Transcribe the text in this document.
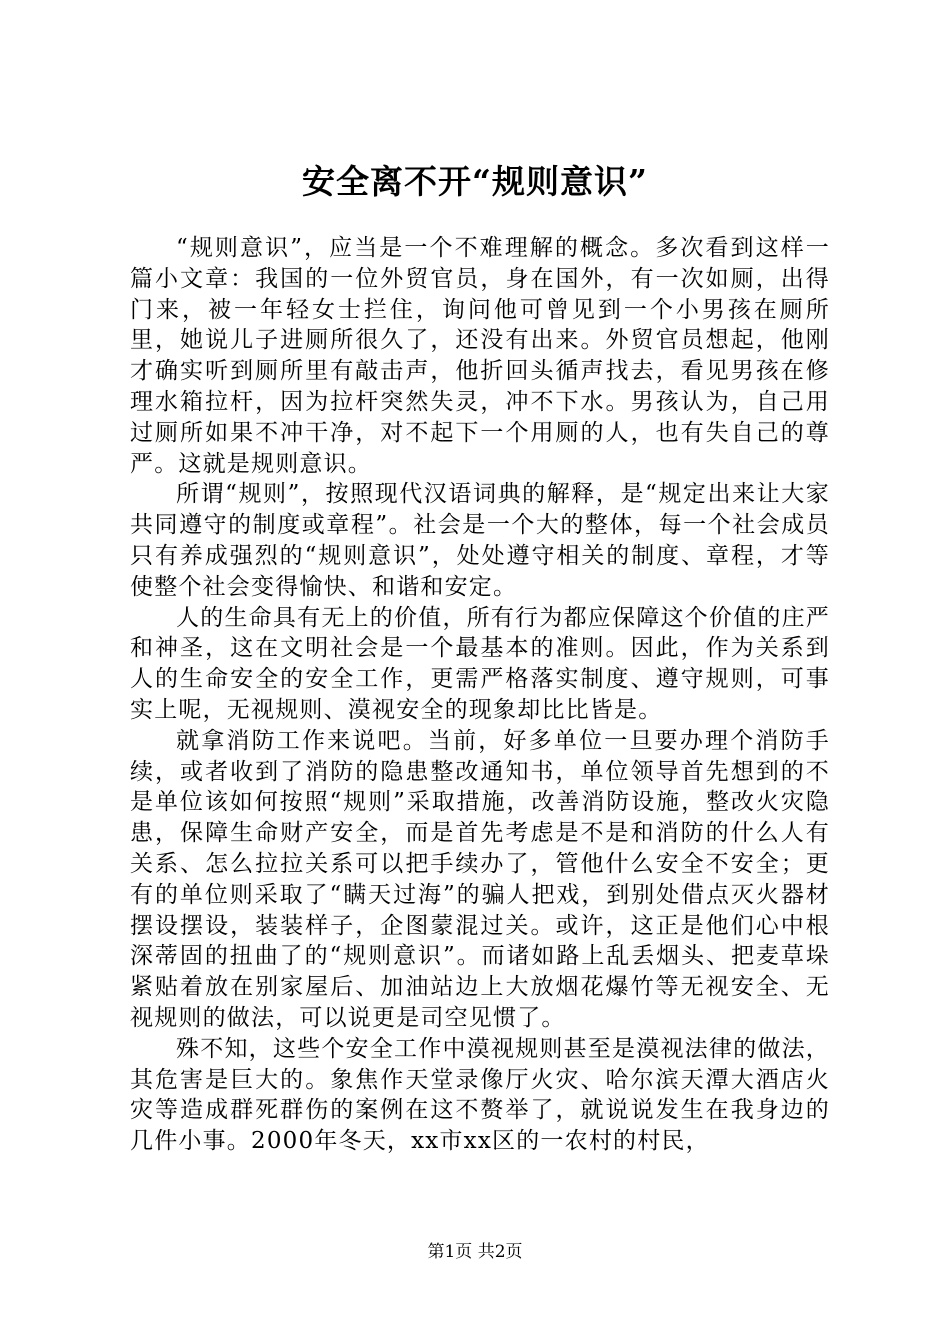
安全离不开“规则意识”

“规则意识”，应当是一个不难理解的概念。多次看到这样一篇小文章：我国的一位外贸官员，身在国外，有一次如厕，出得门来，被一年轻女士拦住，询问他可曾见到一个小男孩在厕所里，她说儿子进厕所很久了，还没有出来。外贸官员想起，他刚才确实听到厕所里有敲击声，他折回头循声找去，看见男孩在修理水箱拉杆，因为拉杆突然失灵，冲不下水。男孩认为，自己用过厕所如果不冲干净，对不起下一个用厕的人，也有失自己的尊严。这就是规则意识。

所谓“规则”，按照现代汉语词典的解释，是“规定出来让大家共同遵守的制度或章程”。社会是一个大的整体，每一个社会成员只有养成强烈的“规则意识”，处处遵守相关的制度、章程，才等使整个社会变得愉快、和谐和安定。

人的生命具有无上的价值，所有行为都应保障这个价值的庄严和神圣，这在文明社会是一个最基本的准则。因此，作为关系到人的生命安全的安全工作，更需严格落实制度、遵守规则，可事实上呢，无视规则、漠视安全的现象却比比皆是。

就拿消防工作来说吧。当前，好多单位一旦要办理个消防手续，或者收到了消防的隐患整改通知书，单位领导首先想到的不是单位该如何按照“规则”采取措施，改善消防设施，整改火灾隐患，保障生命财产安全，而是首先考虑是不是和消防的什么人有关系、怎么拉拉关系可以把手续办了，管他什么安全不安全；更有的单位则采取了“瞒天过海”的骗人把戏，到别处借点灭火器材摆设摆设，装装样子，企图蒙混过关。或许，这正是他们心中根深蒂固的扭曲了的“规则意识”。而诸如路上乱丢烟头、把麦草垛紧贴着放在别家屋后、加油站边上大放烟花爆竹等无视安全、无视规则的做法，可以说更是司空见惯了。

殊不知，这些个安全工作中漠视规则甚至是漠视法律的做法，其危害是巨大的。象焦作天堂录像厅火灾、哈尔滨天潭大酒店火灾等造成群死群伤的案例在这不赘举了，就说说发生在我身边的几件小事。2000年冬天，xx市xx区的一农村的村民，

第1页 共2页
